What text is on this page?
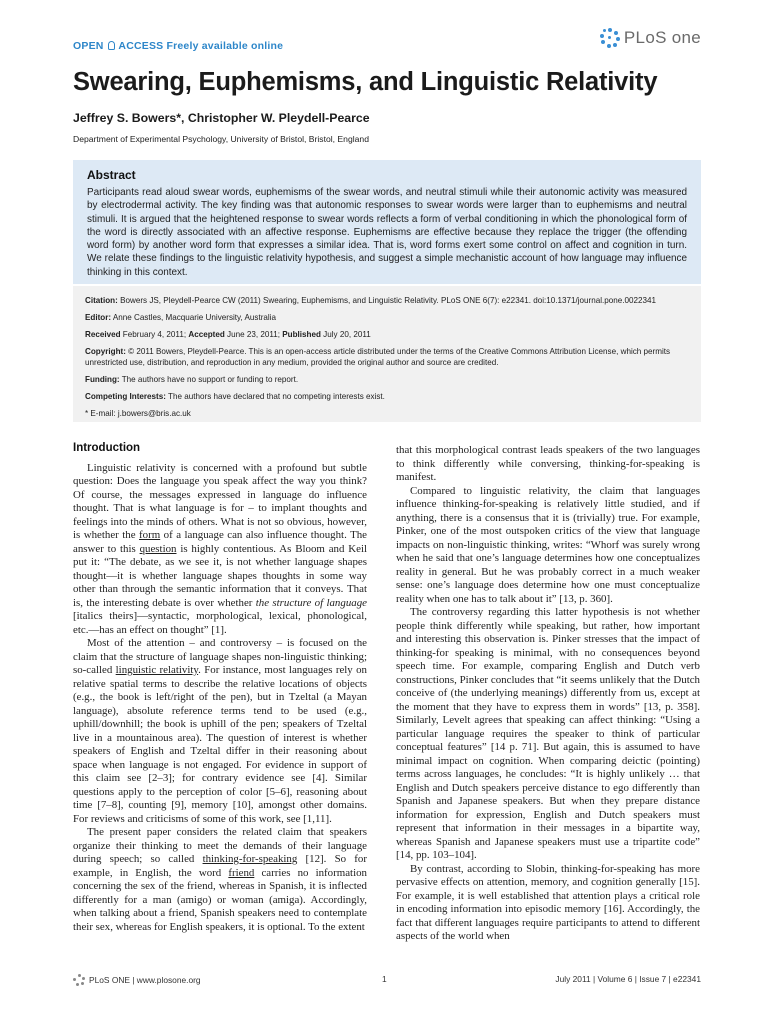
OPEN ACCESS Freely available online	PLoS one
Swearing, Euphemisms, and Linguistic Relativity
Jeffrey S. Bowers*, Christopher W. Pleydell-Pearce
Department of Experimental Psychology, University of Bristol, Bristol, England
Abstract

Participants read aloud swear words, euphemisms of the swear words, and neutral stimuli while their autonomic activity was measured by electrodermal activity. The key finding was that autonomic responses to swear words were larger than to euphemisms and neutral stimuli. It is argued that the heightened response to swear words reflects a form of verbal conditioning in which the phonological form of the word is directly associated with an affective response. Euphemisms are effective because they replace the trigger (the offending word form) by another word form that expresses a similar idea. That is, word forms exert some control on affect and cognition in turn. We relate these findings to the linguistic relativity hypothesis, and suggest a simple mechanistic account of how language may influence thinking in this context.

Citation: Bowers JS, Pleydell-Pearce CW (2011) Swearing, Euphemisms, and Linguistic Relativity. PLoS ONE 6(7): e22341. doi:10.1371/journal.pone.0022341

Editor: Anne Castles, Macquarie University, Australia

Received February 4, 2011; Accepted June 23, 2011; Published July 20, 2011

Copyright: © 2011 Bowers, Pleydell-Pearce. This is an open-access article distributed under the terms of the Creative Commons Attribution License, which permits unrestricted use, distribution, and reproduction in any medium, provided the original author and source are credited.

Funding: The authors have no support or funding to report.

Competing Interests: The authors have declared that no competing interests exist.

* E-mail: j.bowers@bris.ac.uk

Introduction

Linguistic relativity is concerned with a profound but subtle question: Does the language you speak affect the way you think? Of course, the messages expressed in language do influence thought. That is what language is for – to implant thoughts and feelings into the minds of others. What is not so obvious, however, is whether the form of a language can also influence thought. The answer to this question is highly contentious. As Bloom and Keil put it: “The debate, as we see it, is not whether language shapes thought—it is whether language shapes thoughts in some way other than through the semantic information that it conveys. That is, the interesting debate is over whether the structure of language [italics theirs]—syntactic, morphological, lexical, phonological, etc.—has an effect on thought” [1].

Most of the attention – and controversy – is focused on the claim that the structure of language shapes non-linguistic thinking; so-called linguistic relativity. For instance, most languages rely on relative spatial terms to describe the relative locations of objects (e.g., the book is left/right of the pen), but in Tzeltal (a Mayan language), absolute reference terms tend to be used (e.g., uphill/downhill; the book is uphill of the pen; speakers of Tzeltal live in a mountainous area). The question of interest is whether speakers of English and Tzeltal differ in their reasoning about space when language is not engaged. For evidence in support of this claim see [2–3]; for contrary evidence see [4]. Similar questions apply to the perception of color [5–6], reasoning about time [7–8], counting [9], memory [10], amongst other domains. For reviews and criticisms of some of this work, see [1,11].

The present paper considers the related claim that speakers organize their thinking to meet the demands of their language during speech; so called thinking-for-speaking [12]. So for example, in English, the word friend carries no information concerning the sex of the friend, whereas in Spanish, it is inflected differently for a man (amigo) or woman (amiga). Accordingly, when talking about a friend, Spanish speakers need to contemplate their sex, whereas for English speakers, it is optional. To the extent

that this morphological contrast leads speakers of the two languages to think differently while conversing, thinking-for-speaking is manifest.

Compared to linguistic relativity, the claim that languages influence thinking-for-speaking is relatively little studied, and if anything, there is a consensus that it is (trivially) true. For example, Pinker, one of the most outspoken critics of the view that language impacts on non-linguistic thinking, writes: “Whorf was surely wrong when he said that one’s language determines how one conceptualizes reality in general. But he was probably correct in a much weaker sense: one’s language does determine how one must conceptualize reality when one has to talk about it” [13, p. 360].

The controversy regarding this latter hypothesis is not whether people think differently while speaking, but rather, how important and interesting this observation is. Pinker stresses that the impact of thinking-for speaking is minimal, with no consequences beyond speech time. For example, comparing English and Dutch verb constructions, Pinker concludes that “it seems unlikely that the Dutch conceive of (the underlying meanings) differently from us, except at the moment that they have to express them in words” [13, p. 358]. Similarly, Levelt agrees that speaking can affect thinking: “Using a particular language requires the speaker to think of particular conceptual features” [14 p. 71]. But again, this is assumed to have minimal impact on cognition. When comparing deictic (pointing) terms across languages, he concludes: “It is highly unlikely … that English and Dutch speakers perceive distance to ego differently than Spanish and Japanese speakers. But when they prepare distance information for expression, English and Dutch speakers must represent that information in their messages in a bipartite way, whereas Spanish and Japanese speakers must use a tripartite code” [14, pp. 103–104].

By contrast, according to Slobin, thinking-for-speaking has more pervasive effects on attention, memory, and cognition generally [15]. For example, it is well established that attention plays a critical role in encoding information into episodic memory [16]. Accordingly, the fact that different languages require participants to attend to different aspects of the world when

PLoS ONE | www.plosone.org	1	July 2011 | Volume 6 | Issue 7 | e22341
